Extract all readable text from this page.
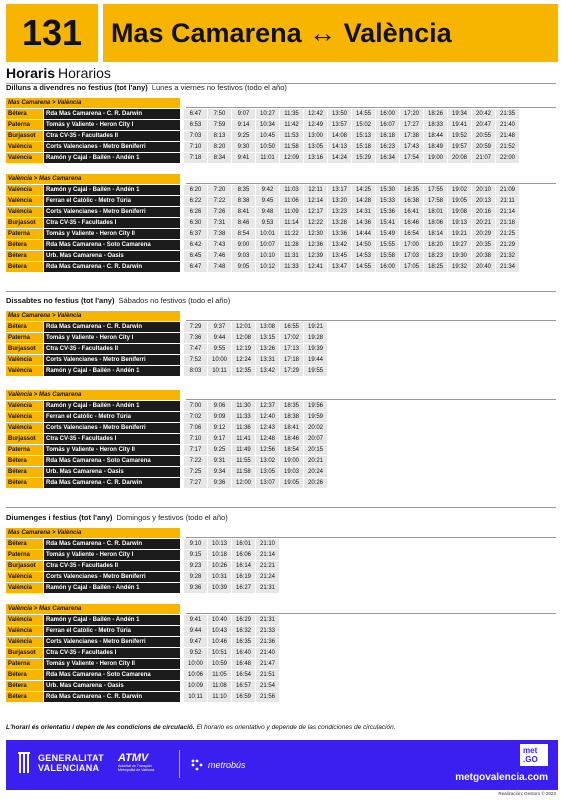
131	Mas Camarena ↔ València
Horaris Horarios
Dilluns a divendres no festius (tot l'any) Lunes a viernes no festivos (todo el año)
Mas Camarena > València
Bétera	Rda Mas Camarena - C. R. Darwin	6:47	7:50	9:07	10:27	11:35	12:42	13:50	14:55	16:00	17:20	18:26	19:34	20:42	21:35
Paterna	Tomás y Valiente - Heron City I	6:53	7:59	9:14	10:34	11:42	12:49	13:57	15:02	16:07	17:27	18:33	19:41	20:47	21:40
Burjassot	Ctra CV-35 - Facultades II	7:03	8:13	9:25	10:45	11:53	13:00	14:08	15:13	16:18	17:38	18:44	19:52	20:55	21:48
València	Corts Valencianes - Metro Beniferri	7:10	8:20	9:30	10:50	11:58	13:05	14:13	15:18	16:23	17:43	18:49	19:57	20:59	21:52
València	Ramón y Cajal - Bailén - Andén 1	7:18	8:34	9:41	11:01	12:09	13:16	14:24	15:29	16:34	17:54	19:00	20:08	21:07	22:00
València > Mas Camarena
València	Ramón y Cajal - Bailén - Andén 1	6:20	7:20	8:35	9:42	11:03	12:11	13:17	14:25	15:30	16:35	17:55	19:02	20:10	21:09
València	Ferran el Catòlic - Metro Túria	6:22	7:22	8:38	9:45	11:06	12:14	13:20	14:28	15:33	16:38	17:58	19:05	20:13	21:11
València	Corts Valencianes - Metro Beniferri	6:26	7:26	8:41	9:48	11:09	12:17	13:23	14:31	15:36	16:41	18:01	19:08	20:16	21:14
Burjassot	Ctra CV-35 - Facultades I	6:30	7:31	8:46	9:53	11:14	12:22	13:28	14:36	15:41	16:46	18:06	19:13	20:21	21:18
Paterna	Tomás y Valiente - Heron City II	6:37	7:38	8:54	10:01	11:22	12:30	13:36	14:44	15:49	16:54	18:14	19:21	20:29	21:25
Bétera	Rda Mas Camarena - Soto Camarena	6:42	7:43	9:00	10:07	11:28	12:36	13:42	14:50	15:55	17:00	18:20	19:27	20:35	21:29
Bétera	Urb. Mas Camarena - Oasis	6:45	7:46	9:03	10:10	11:31	12:39	13:45	14:53	15:58	17:03	18:23	19:30	20:38	21:32
Bétera	Rda Mas Camarena - C. R. Darwin	6:47	7:48	9:05	10:12	11:33	12:41	13:47	14:55	16:00	17:05	18:25	19:32	20:40	21:34
Dissabtes no festius (tot l'any) Sábados no festivos (todo el año)
Mas Camarena > València
Bétera	Rda Mas Camarena - C. R. Darwin	7:29	9:37	12:01	13:08	16:55	19:21
Paterna	Tomás y Valiente - Heron City I	7:36	9:44	12:08	13:15	17:02	19:28
Burjassot	Ctra CV-35 - Facultades II	7:47	9:55	12:19	13:26	17:13	19:39
València	Corts Valencianes - Metro Beniferri	7:52	10:00	12:24	13:31	17:18	19:44
València	Ramón y Cajal - Bailén - Andén 1	8:03	10:11	12:35	13:42	17:29	19:55
València > Mas Camarena
València	Ramón y Cajal - Bailén - Andén 1	7:00	9:06	11:30	12:37	18:35	19:56
València	Ferran el Catòlic - Metro Túria	7:02	9:09	11:33	12:40	18:38	19:59
València	Corts Valencianes - Metro Beniferri	7:06	9:12	11:36	12:43	18:41	20:02
Burjassot	Ctra CV-35 - Facultades I	7:10	9:17	11:41	12:48	18:46	20:07
Paterna	Tomás y Valiente - Heron City II	7:17	9:25	11:49	12:56	18:54	20:15
Bétera	Rda Mas Camarena - Soto Camarena	7:22	9:31	11:55	13:02	19:00	20:21
Bétera	Urb. Mas Camarena - Oasis	7:25	9:34	11:58	13:05	19:03	20:24
Bétera	Rda Mas Camarena - C. R. Darwin	7:27	9:36	12:00	13:07	19:05	20:26
Diumenges i festius (tot l'any) Domingos y festivos (todo el año)
Mas Camarena > València
Bétera	Rda Mas Camarena - C. R. Darwin	9:10	10:13	16:01	21:10
Paterna	Tomás y Valiente - Heron City I	9:15	10:18	16:06	21:14
Burjassot	Ctra CV-35 - Facultades II	9:23	10:26	16:14	21:21
València	Corts Valencianes - Metro Beniferri	9:28	10:31	16:19	21:24
València	Ramón y Cajal - Bailén - Andén 1	9:36	10:39	16:27	21:31
València > Mas Camarena
València	Ramón y Cajal - Bailén - Andén 1	9:41	10:40	16:29	21:31
València	Ferran el Catòlic - Metro Túria	9:44	10:43	16:32	21:33
València	Corts Valencianes - Metro Beniferri	9:47	10:46	16:35	21:36
Burjassot	Ctra CV-35 - Facultades I	9:52	10:51	16:40	21:40
Paterna	Tomás y Valiente - Heron City II	10:00	10:59	16:48	21:47
Bétera	Rda Mas Camarena - Soto Camarena	10:06	11:05	16:54	21:51
Bétera	Urb. Mas Camarena - Oasis	10:09	11:08	16:57	21:54
Bétera	Rda Mas Camarena - C. R. Darwin	10:11	11:10	16:59	21:56
L'horari és orientatiu i depèn de les condicions de circulació. El horario es orientativo y depende de las condiciones de circulación.
GENERALITAT
VALENCIANA
ATMV
Autoritat de Transport Metropolità de València	metrobús
met
.GO
metgovalencia.com
Realización: Gestoro © 2023
